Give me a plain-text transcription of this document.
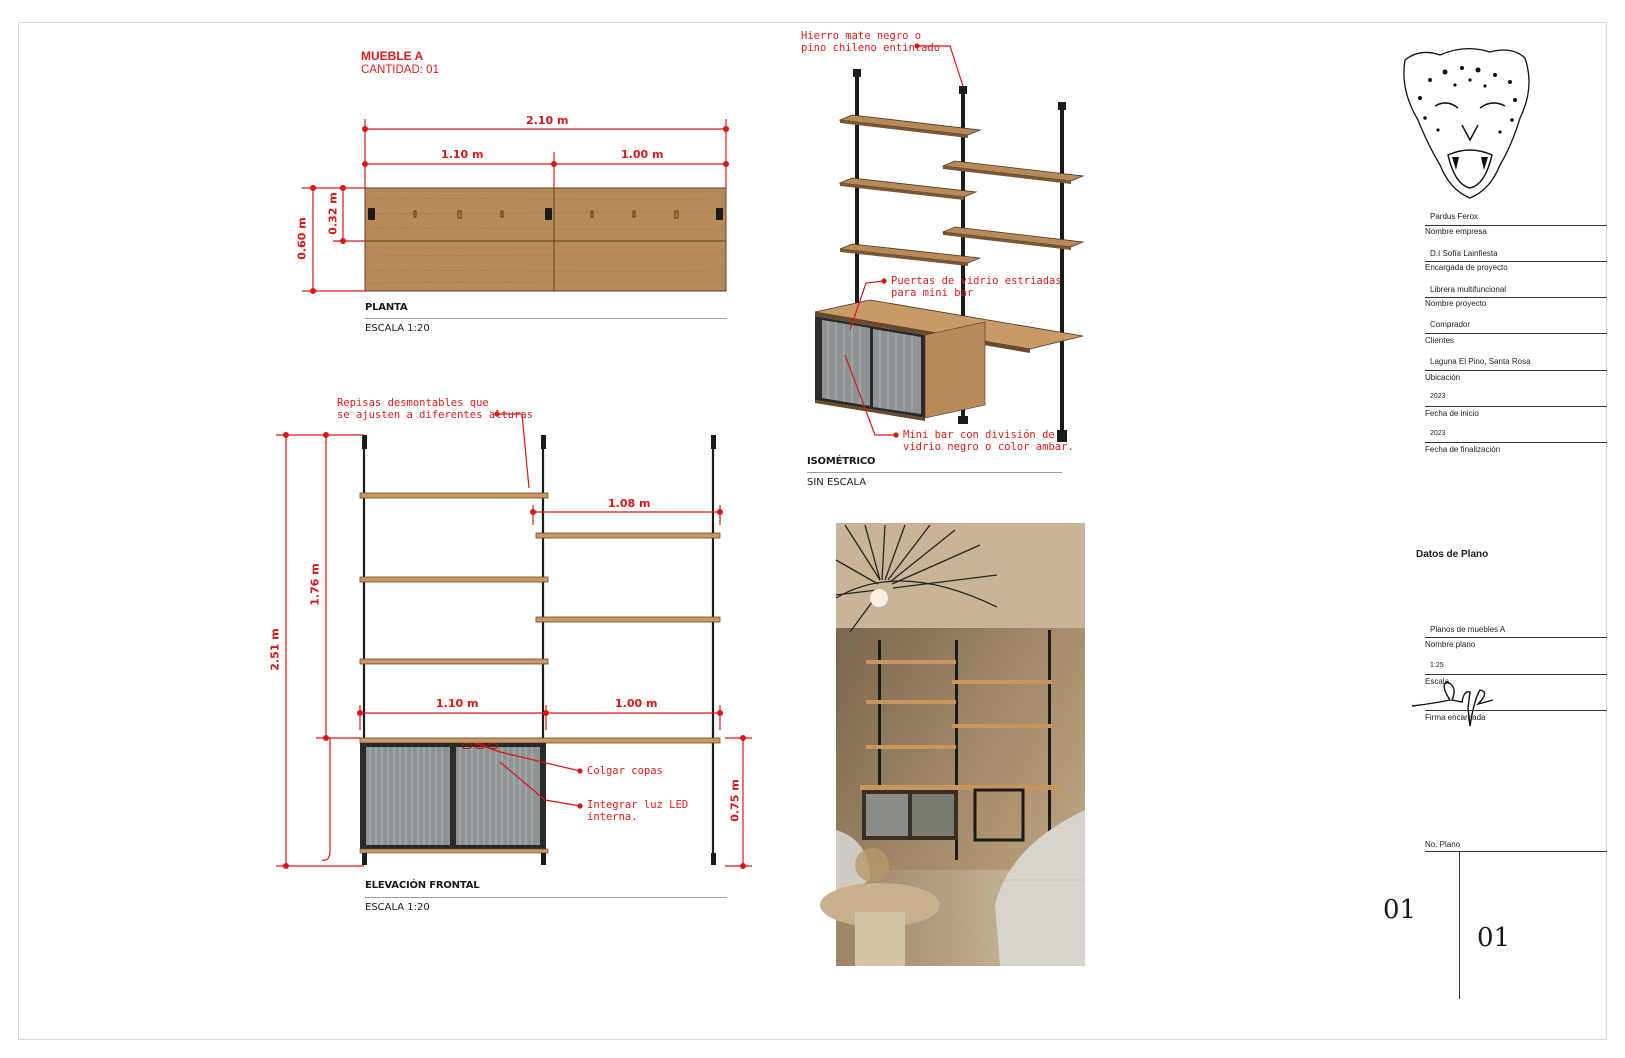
MUEBLE A
CANTIDAD: 01
2.10 m
1.10 m	1.00 m
0.60 m
0.32 m
PLANTA
ESCALA 1:20
Repisas desmontables que
se ajusten a diferentes alturas
2.51 m
1.76 m
1.08 m
1.10 m	1.00 m
0.75 m
Colgar copas
Integrar luz LED
interna.
ELEVACIÓN FRONTAL
ESCALA 1:20
Hierro mate negro o
pino chileno entintado
Puertas de vidrio estriadas
para mini bar
Mini bar con división de
vidrio negro o color ambar.
ISOMÉTRICO
SIN ESCALA
Pardus Ferox
Nombre empresa
D.I Sofía Lainfiesta
Encargada de proyecto
Librera multifuncional
Nombre proyecto
Comprador
Clientes
Laguna El Pino, Santa Rosa
Ubicación
2023
Fecha de inicio
2023
Fecha de finalización
Datos de Plano
Planos de muebles A
Nombre plano
1:25
Escala
Firma encargada
No. Plano
01
01
